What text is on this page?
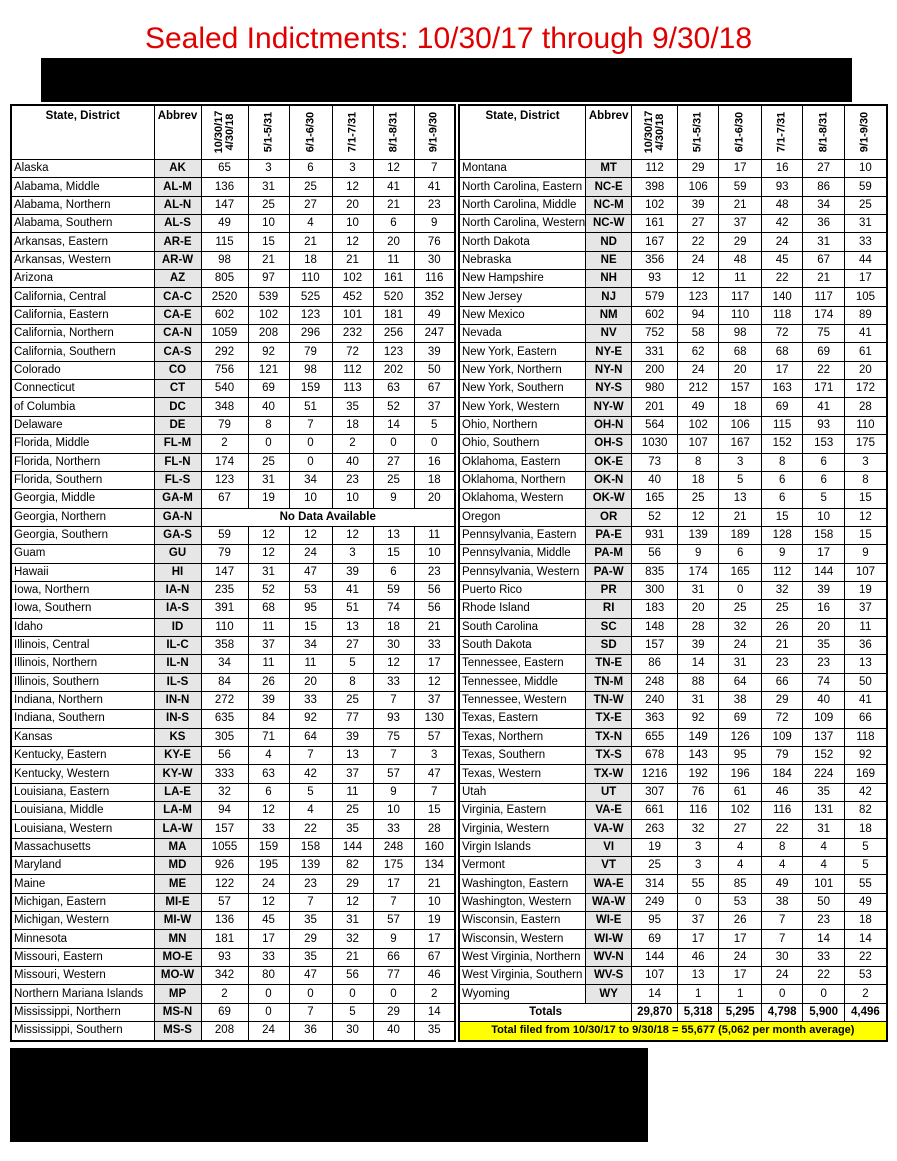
Sealed Indictments: 10/30/17 through 9/30/18
State, District	Abbrev	10/30/17
4/30/18	5/1-5/31	6/1-6/30	7/1-7/31	8/1-8/31	9/1-9/30

Alaska	AK	65	3	6	3	12	7
Alabama, Middle	AL-M	136	31	25	12	41	41
Alabama, Northern	AL-N	147	25	27	20	21	23
Alabama, Southern	AL-S	49	10	4	10	6	9
Arkansas, Eastern	AR-E	115	15	21	12	20	76
Arkansas, Western	AR-W	98	21	18	21	11	30
Arizona	AZ	805	97	110	102	161	116
California, Central	CA-C	2520	539	525	452	520	352
California, Eastern	CA-E	602	102	123	101	181	49
California, Northern	CA-N	1059	208	296	232	256	247
California, Southern	CA-S	292	92	79	72	123	39
Colorado	CO	756	121	98	112	202	50
Connecticut	CT	540	69	159	113	63	67
of Columbia	DC	348	40	51	35	52	37
Delaware	DE	79	8	7	18	14	5
Florida, Middle	FL-M	2	0	0	2	0	0
Florida, Northern	FL-N	174	25	0	40	27	16
Florida, Southern	FL-S	123	31	34	23	25	18
Georgia, Middle	GA-M	67	19	10	10	9	20
Georgia, Northern	GA-N	No Data Available					
Georgia, Southern	GA-S	59	12	12	12	13	11
Guam	GU	79	12	24	3	15	10
Hawaii	HI	147	31	47	39	6	23
Iowa, Northern	IA-N	235	52	53	41	59	56
Iowa, Southern	IA-S	391	68	95	51	74	56
Idaho	ID	110	11	15	13	18	21
Illinois, Central	IL-C	358	37	34	27	30	33
Illinois, Northern	IL-N	34	11	11	5	12	17
Illinois, Southern	IL-S	84	26	20	8	33	12
Indiana, Northern	IN-N	272	39	33	25	7	37
Indiana, Southern	IN-S	635	84	92	77	93	130
Kansas	KS	305	71	64	39	75	57
Kentucky, Eastern	KY-E	56	4	7	13	7	3
Kentucky, Western	KY-W	333	63	42	37	57	47
Louisiana, Eastern	LA-E	32	6	5	11	9	7
Louisiana, Middle	LA-M	94	12	4	25	10	15
Louisiana, Western	LA-W	157	33	22	35	33	28
Massachusetts	MA	1055	159	158	144	248	160
Maryland	MD	926	195	139	82	175	134
Maine	ME	122	24	23	29	17	21
Michigan, Eastern	MI-E	57	12	7	12	7	10
Michigan, Western	MI-W	136	45	35	31	57	19
Minnesota	MN	181	17	29	32	9	17
Missouri, Eastern	MO-E	93	33	35	21	66	67
Missouri, Western	MO-W	342	80	47	56	77	46
Northern Mariana Islands	MP	2	0	0	0	0	2
Mississippi, Northern	MS-N	69	0	7	5	29	14
Mississippi, Southern	MS-S	208	24	36	30	40	35
State, District	Abbrev	10/30/17
4/30/18	5/1-5/31	6/1-6/30	7/1-7/31	8/1-8/31	9/1-9/30

Montana	MT	112	29	17	16	27	10
North Carolina, Eastern	NC-E	398	106	59	93	86	59
North Carolina, Middle	NC-M	102	39	21	48	34	25
North Carolina, Western	NC-W	161	27	37	42	36	31
North Dakota	ND	167	22	29	24	31	33
Nebraska	NE	356	24	48	45	67	44
New Hampshire	NH	93	12	11	22	21	17
New Jersey	NJ	579	123	117	140	117	105
New Mexico	NM	602	94	110	118	174	89
Nevada	NV	752	58	98	72	75	41
New York, Eastern	NY-E	331	62	68	68	69	61
New York, Northern	NY-N	200	24	20	17	22	20
New York, Southern	NY-S	980	212	157	163	171	172
New York, Western	NY-W	201	49	18	69	41	28
Ohio, Northern	OH-N	564	102	106	115	93	110
Ohio, Southern	OH-S	1030	107	167	152	153	175
Oklahoma, Eastern	OK-E	73	8	3	8	6	3
Oklahoma, Northern	OK-N	40	18	5	6	6	8
Oklahoma, Western	OK-W	165	25	13	6	5	15
Oregon	OR	52	12	21	15	10	12
Pennsylvania, Eastern	PA-E	931	139	189	128	158	15
Pennsylvania, Middle	PA-M	56	9	6	9	17	9
Pennsylvania, Western	PA-W	835	174	165	112	144	107
Puerto Rico	PR	300	31	0	32	39	19
Rhode Island	RI	183	20	25	25	16	37
South Carolina	SC	148	28	32	26	20	11
South Dakota	SD	157	39	24	21	35	36
Tennessee, Eastern	TN-E	86	14	31	23	23	13
Tennessee, Middle	TN-M	248	88	64	66	74	50
Tennessee, Western	TN-W	240	31	38	29	40	41
Texas, Eastern	TX-E	363	92	69	72	109	66
Texas, Northern	TX-N	655	149	126	109	137	118
Texas, Southern	TX-S	678	143	95	79	152	92
Texas, Western	TX-W	1216	192	196	184	224	169
Utah	UT	307	76	61	46	35	42
Virginia, Eastern	VA-E	661	116	102	116	131	82
Virginia, Western	VA-W	263	32	27	22	31	18
Virgin Islands	VI	19	3	4	8	4	5
Vermont	VT	25	3	4	4	4	5
Washington, Eastern	WA-E	314	55	85	49	101	55
Washington, Western	WA-W	249	0	53	38	50	49
Wisconsin, Eastern	WI-E	95	37	26	7	23	18
Wisconsin, Western	WI-W	69	17	17	7	14	14
West Virginia, Northern	WV-N	144	46	24	30	33	22
West Virginia, Southern	WV-S	107	13	17	24	22	53
Wyoming	WY	14	1	1	0	0	2
Totals		29,870	5,318	5,295	4,798	5,900	4,496
Total filed from 10/30/17 to 9/30/18 = 55,677 (5,062 per month average)							
